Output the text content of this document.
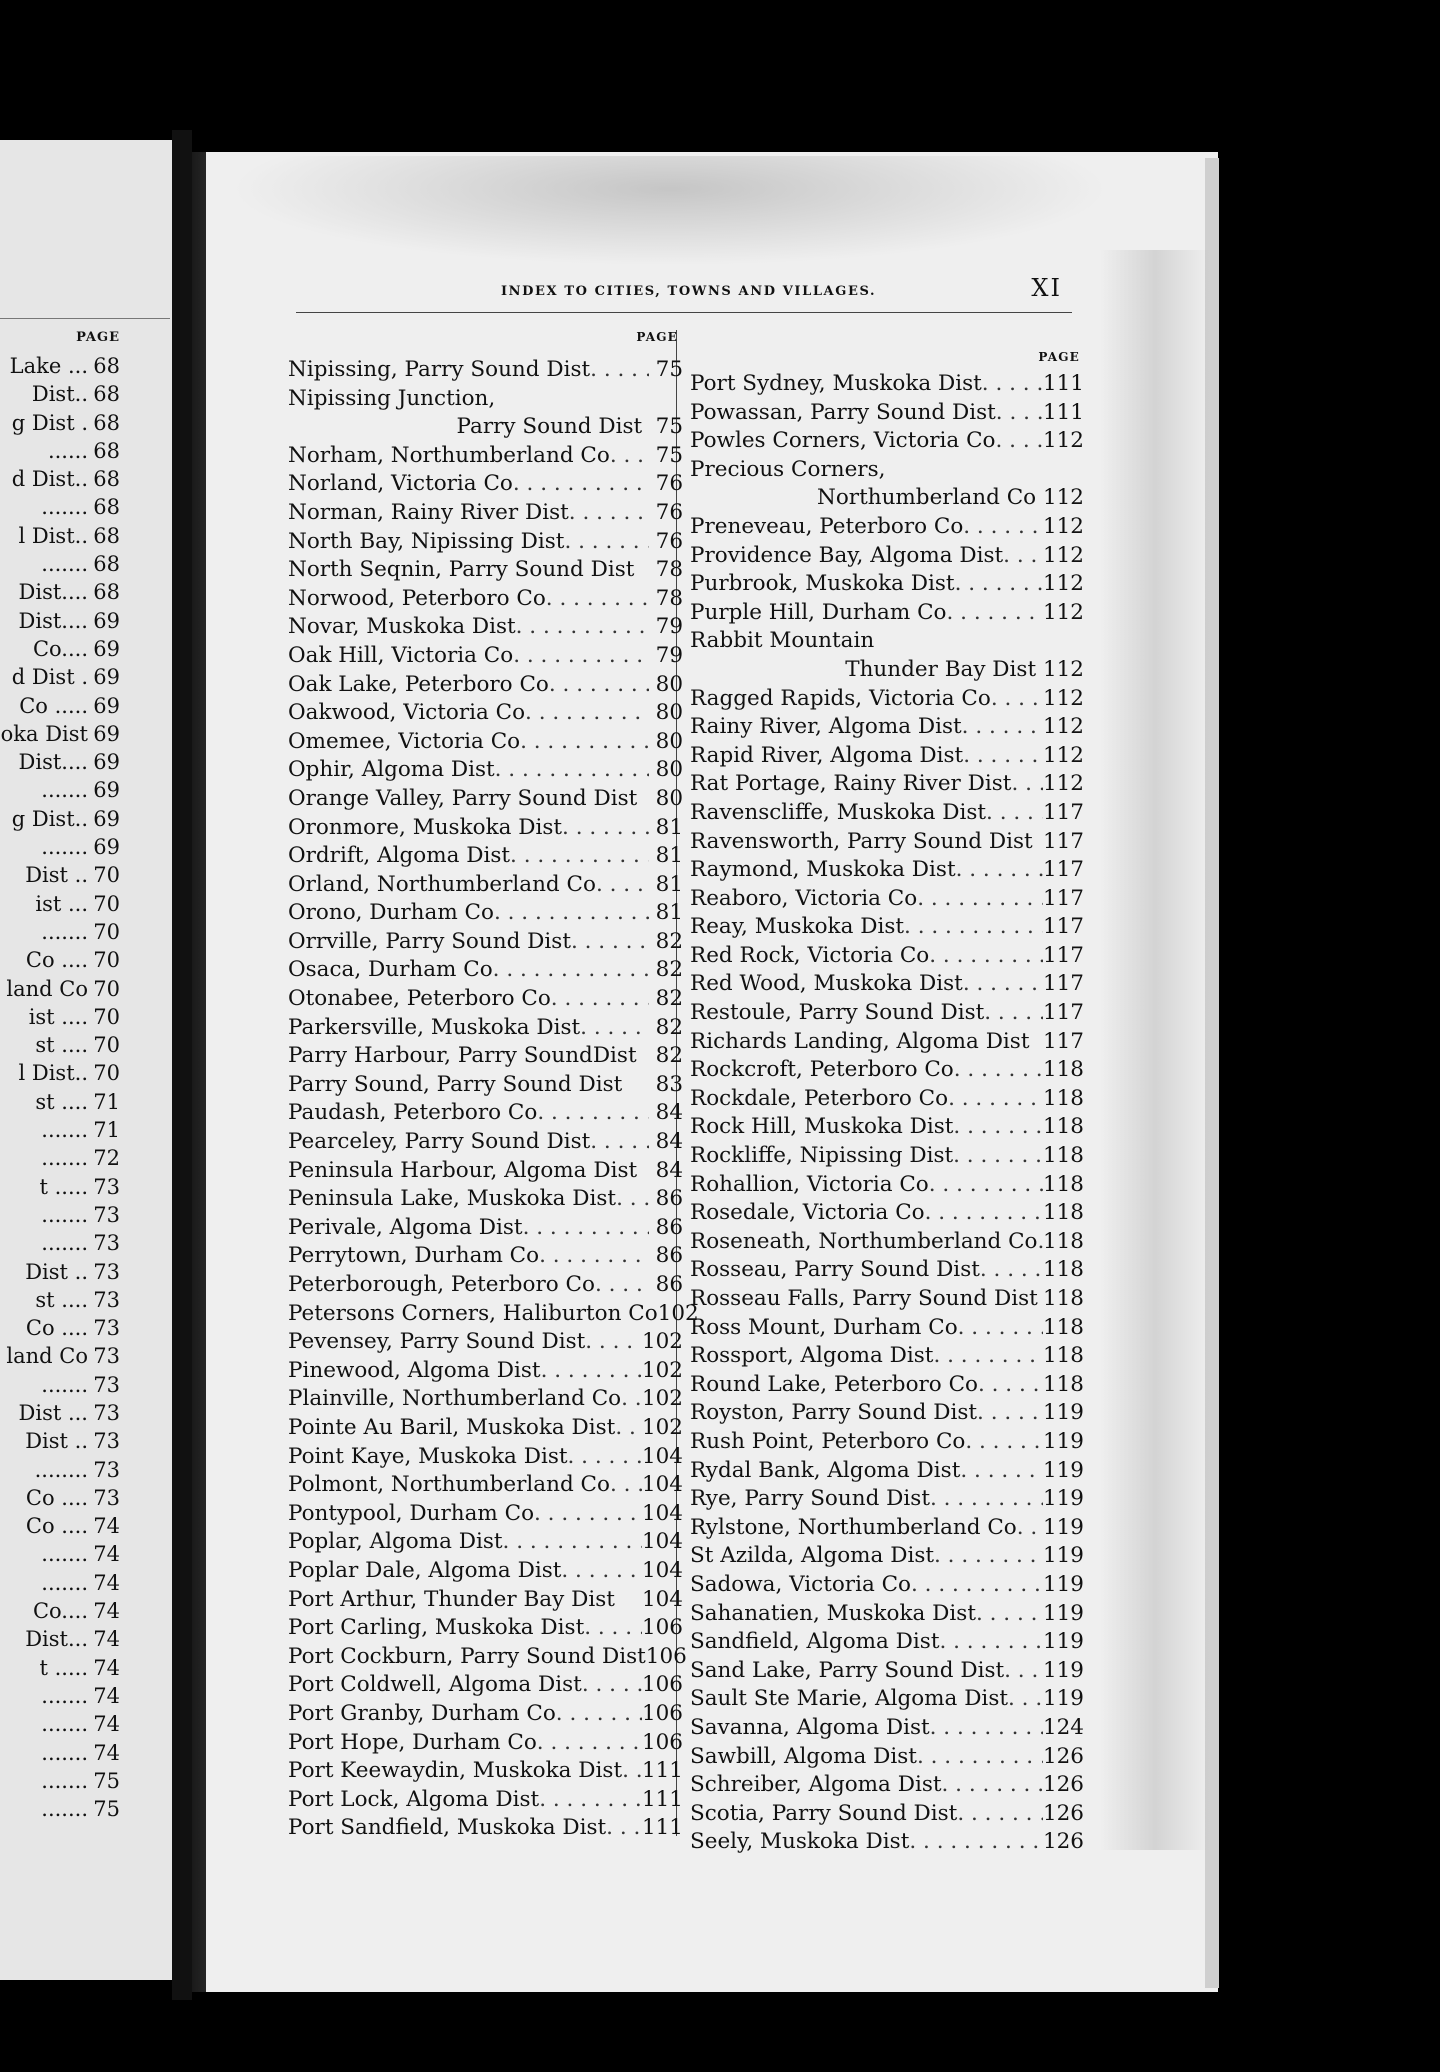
PAGE
Lake ... 68
Dist.. 68
g Dist . 68
...... 68
d Dist.. 68
....... 68
l Dist.. 68
....... 68
Dist.... 68
Dist.... 69
Co.... 69
d Dist . 69
Co ..... 69
oka Dist 69
Dist.... 69
....... 69
g Dist.. 69
....... 69
Dist .. 70
ist ... 70
....... 70
Co .... 70
land Co 70
ist .... 70
st .... 70
l Dist.. 70
st .... 71
....... 71
....... 72
t ..... 73
....... 73
....... 73
Dist .. 73
st .... 73
Co .... 73
land Co 73
....... 73
Dist ... 73
Dist .. 73
........ 73
Co .... 73
Co .... 74
....... 74
....... 74
Co.... 74
Dist... 74
t ..... 74
....... 74
....... 74
....... 74
....... 75
....... 75
INDEX TO CITIES, TOWNS AND VILLAGES.	XI
PAGE
Nipissing, Parry Sound Dist . . .	75
Nipissing Junction,
Parry Sound Dist 75
Norham, Northumberland Co . . .	75
Norland, Victoria Co . . .	76
Norman, Rainy River Dist . . .	76
North Bay, Nipissing Dist . . .	76
North Seqnin, Parry Sound Dist 78
Norwood, Peterboro Co . . .	78
Novar, Muskoka Dist . . .	79
Oak Hill, Victoria Co . . .	79
Oak Lake, Peterboro Co . . .	80
Oakwood, Victoria Co . . .	80
Omemee, Victoria Co . . .	80
Ophir, Algoma Dist . . .	80
Orange Valley, Parry Sound Dist 80
Oronmore, Muskoka Dist . . .	81
Ordrift, Algoma Dist . . .	81
Orland, Northumberland Co . . .	81
Orono, Durham Co . . .	81
Orrville, Parry Sound Dist . . .	82
Osaca, Durham Co . . .	82
Otonabee, Peterboro Co . . .	82
Parkersville, Muskoka Dist . . .	82
Parry Harbour, Parry SoundDist 82
Parry Sound, Parry Sound Dist	83
Paudash, Peterboro Co . . .	84
Pearceley, Parry Sound Dist . . .	84
Peninsula Harbour, Algoma Dist 84
Peninsula Lake, Muskoka Dist . . .	86
Perivale, Algoma Dist . . .	86
Perrytown, Durham Co . . .	86
Peterborough, Peterboro Co . . .	86
Petersons Corners, Haliburton Co 102
Pevensey, Parry Sound Dist . . .	102
Pinewood, Algoma Dist . . .	102
Plainville, Northumberland Co . . . 102
Pointe Au Baril, Muskoka Dist . . . 102
Point Kaye, Muskoka Dist . . .	104
Polmont, Northumberland Co . . . 104
Pontypool, Durham Co . . .	104
Poplar, Algoma Dist . . .	104
Poplar Dale, Algoma Dist . . .	104
Port Arthur, Thunder Bay Dist 104
Port Carling, Muskoka Dist . . .	106
Port Cockburn, Parry Sound Dist 106
Port Coldwell, Algoma Dist . . .	106
Port Granby, Durham Co . . .	106
Port Hope, Durham Co . . .	106
Port Keewaydin, Muskoka Dist . . . 111
Port Lock, Algoma Dist . . .	111
Port Sandfield, Muskoka Dist . . . 111
PAGE
Port Sydney, Muskoka Dist . . .	111
Powassan, Parry Sound Dist . . . 111
Powles Corners, Victoria Co . . . 112
Precious Corners,
Northumberland Co 112
Preneveau, Peterboro Co . . .	112
Providence Bay, Algoma Dist . . . 112
Purbrook, Muskoka Dist . . .	112
Purple Hill, Durham Co . . .	112
Rabbit Mountain
Thunder Bay Dist 112
Ragged Rapids, Victoria Co . . . 112
Rainy River, Algoma Dist . . .	112
Rapid River, Algoma Dist . . .	112
Rat Portage, Rainy River Dist . . . 112
Ravenscliffe, Muskoka Dist . . .	117
Ravensworth, Parry Sound Dist 117
Raymond, Muskoka Dist . . .	117
Reaboro, Victoria Co . . .	117
Reay, Muskoka Dist . . .	117
Red Rock, Victoria Co . . .	117
Red Wood, Muskoka Dist . . .	117
Restoule, Parry Sound Dist . . .	117
Richards Landing, Algoma Dist 117
Rockcroft, Peterboro Co . . .	118
Rockdale, Peterboro Co . . .	118
Rock Hill, Muskoka Dist . . .	118
Rockliffe, Nipissing Dist . . .	118
Rohallion, Victoria Co . . .	118
Rosedale, Victoria Co . . .	118
Roseneath, Northumberland Co . . . 118
Rosseau, Parry Sound Dist . . .	118
Rosseau Falls, Parry Sound Dist 118
Ross Mount, Durham Co . . .	118
Rossport, Algoma Dist . . .	118
Round Lake, Peterboro Co . . .	118
Royston, Parry Sound Dist . . .	119
Rush Point, Peterboro Co . . .	119
Rydal Bank, Algoma Dist . . .	119
Rye, Parry Sound Dist . . .	119
Rylstone, Northumberland Co . . . 119
St Azilda, Algoma Dist . . .	119
Sadowa, Victoria Co . . .	119
Sahanatien, Muskoka Dist . . .	119
Sandfield, Algoma Dist . . .	119
Sand Lake, Parry Sound Dist . . . 119
Sault Ste Marie, Algoma Dist . . . 119
Savanna, Algoma Dist . . .	124
Sawbill, Algoma Dist . . .	126
Schreiber, Algoma Dist . . .	126
Scotia, Parry Sound Dist . . .	126
Seely, Muskoka Dist . . .	126
